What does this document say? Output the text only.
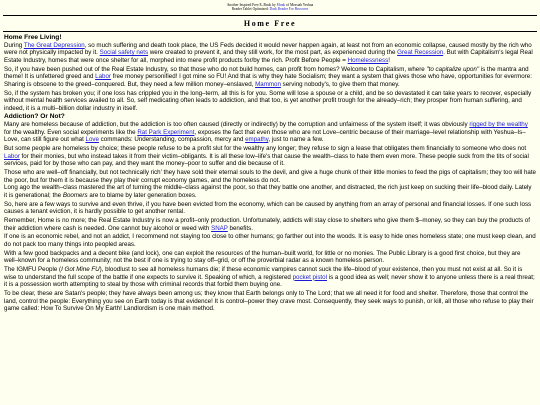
Another Inspired Free E–Book by Monk of Messiah Yeshua
Reader Tablet Optimized: Dark Reader For Browsers
Home Free
Home Free Living!

During The Great Depression, so much suffering and death took place, the US Feds decided it would never happen again, at least not from an economic collapse, caused mostly by the rich who were not physically impacted by it. Social safety nets were created to prevent it, and they still work, for the most part, as experienced during the Great Recession. But with Capitalism's legal Real Estate Industry, homes that were once shelter for all, morphed into mere profit products for/by the rich. Profit Before People = Homelessness!

So, if you have been pushed out of the Real Estate Industry, so that those who do not build homes, can profit from homes? Welcome to Capitalism, where "to capitalize upon" is the mantra and theme! It is unfettered greed and Labor free money personified! I got mine so FU! And that is why they hate Socialism; they want a system that gives those who have, opportunities for evermore: Sharing is obscene to the greed–conquered. But, they need a few million money–enslaved, Mammon serving nobody's, to give them that money.

So, if the system has broken you; if one loss has crippled you in the long–term, all this is for you. Some will lose a spouse or a child, and be so devastated it can take years to recover, especially without mental health services availed to all. So, self medicating often leads to addiction, and that too, is yet another profit trough for the already–rich; they prosper from human suffering, and indeed, it is a multi–billion dollar industry in itself.

Addiction? Or Not?

Many are homeless because of addiction, but the addiction is too often caused (directly or indirectly) by the corruption and unfairness of the system itself; it was obviously rigged by the wealthy for the wealthy. Even social experiments like the Rat Park Experiment, exposes the fact that even those who are not Love–centric because of their marriage–level relationship with Yeshua–Is–Love, can still figure out what Love commands: Understanding, compassion, mercy and empathy, just to name a few.

But some people are homeless by choice; these people refuse to be a profit slut for the wealthy any longer; they refuse to sign a lease that obligates them financially to someone who does not Labor for their monies, but who instead takes it from their victim–obligants. It is all these low–life's that cause the wealth–class to hate them even more. These people suck from the tits of social services, paid for by those who can pay, and they want the money–poor to suffer and die because of it.

Those who are well–off financially, but not technically rich' they have sold their eternal souls to the devil, and give a huge chunk of their little monies to feed the pigs of capitalism; they too will hate the poor, but for them it is because they play their corrupt economy games, and the homeless do not.
Long ago the wealth–class mastered the art of turning the middle–class against the poor, so that they battle one another, and distracted, the rich just keep on sucking their life–blood daily. Lately it is generational; the Boomers are to blame by later generation boxes.

So, here are a few ways to survive and even thrive, if you have been evicted from the economy, which can be caused by anything from an array of personal and financial losses. If one such loss causes a tenant eviction, it is hardly possible to get another rental.

Remember, Home is no more; the Real Estate Industry is now a profit–only production. Unfortunately, addicts will stay close to shelters who give them $–money, so they can buy the products of their addiction where cash is needed. One cannot buy alcohol or weed with SNAP benefits.

If one is an economic rebel, and not an addict, I recommend not staying too close to other humans; go farther out into the woods. It is easy to hide ones homeless state; one must keep clean, and do not pack too many things into peopled areas.

With a few good backpacks and a decent bike (and lock), one can exploit the resources of the human–built world, for little or no monies. The Public Library is a good first choice, but they are well–known for a homeless community; not the best if one is trying to stay off–grid, or off the proverbial radar as a known homeless person.

The IGMFU People (I Got Mine FU), bloodlust to see all homeless humans die; if these economic vampires cannot suck the life–blood of your existence, then you must not exist at all. So it is wise to understand the full scope of the battle if one expects to survive it. Speaking of which, a registered pocket pistol is a good idea as well; never show it to anyone unless there is a real threat; it is a possession worth attempting to steal by those with criminal records that forbid them buying one.

To be clear, these are Satan's people; they have always been among us; they know that Earth belongs only to The Lord; that we all need it for food and shelter. Therefore, those that control the land, control the people: Everything you see on Earth today is that evidence! It is control–power they crave most. Consequently, they seek ways to punish, or kill, all those who refuse to play their game called: How To Survive On My Earth! Landlordism is one main method.
